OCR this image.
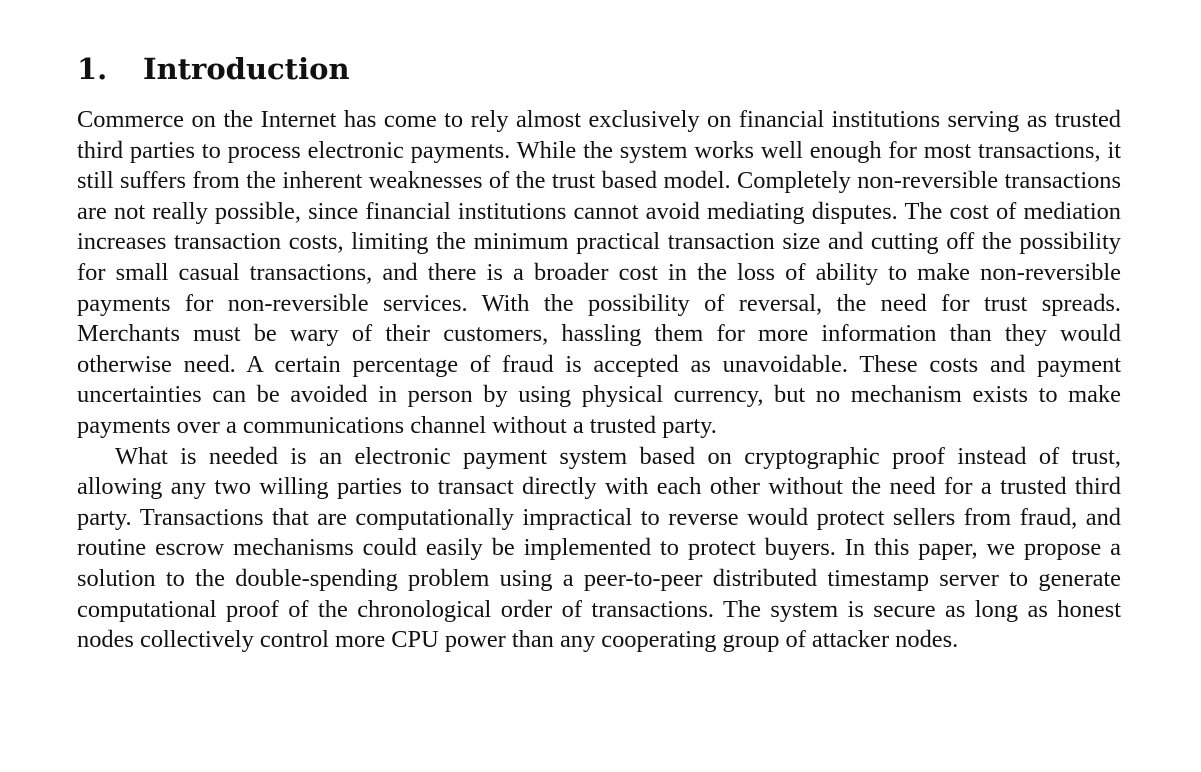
1.	Introduction

Commerce on the Internet has come to rely almost exclusively on financial institutions serving as trusted third parties to process electronic payments. While the system works well enough for most transactions, it still suffers from the inherent weaknesses of the trust based model. Completely non-reversible transactions are not really possible, since financial institutions cannot avoid mediating disputes. The cost of mediation increases transaction costs, limiting the minimum practical transaction size and cutting off the possibility for small casual transactions, and there is a broader cost in the loss of ability to make non-reversible payments for non-reversible services. With the possibility of reversal, the need for trust spreads. Merchants must be wary of their customers, hassling them for more information than they would otherwise need. A certain percentage of fraud is accepted as unavoidable. These costs and payment uncertainties can be avoided in person by using physical currency, but no mechanism exists to make payments over a communications channel without a trusted party.

What is needed is an electronic payment system based on cryptographic proof instead of trust, allowing any two willing parties to transact directly with each other without the need for a trusted third party. Transactions that are computationally impractical to reverse would protect sellers from fraud, and routine escrow mechanisms could easily be implemented to protect buyers. In this paper, we propose a solution to the double-spending problem using a peer-to-peer distributed timestamp server to generate computational proof of the chronological order of transactions. The system is secure as long as honest nodes collectively control more CPU power than any cooperating group of attacker nodes.
